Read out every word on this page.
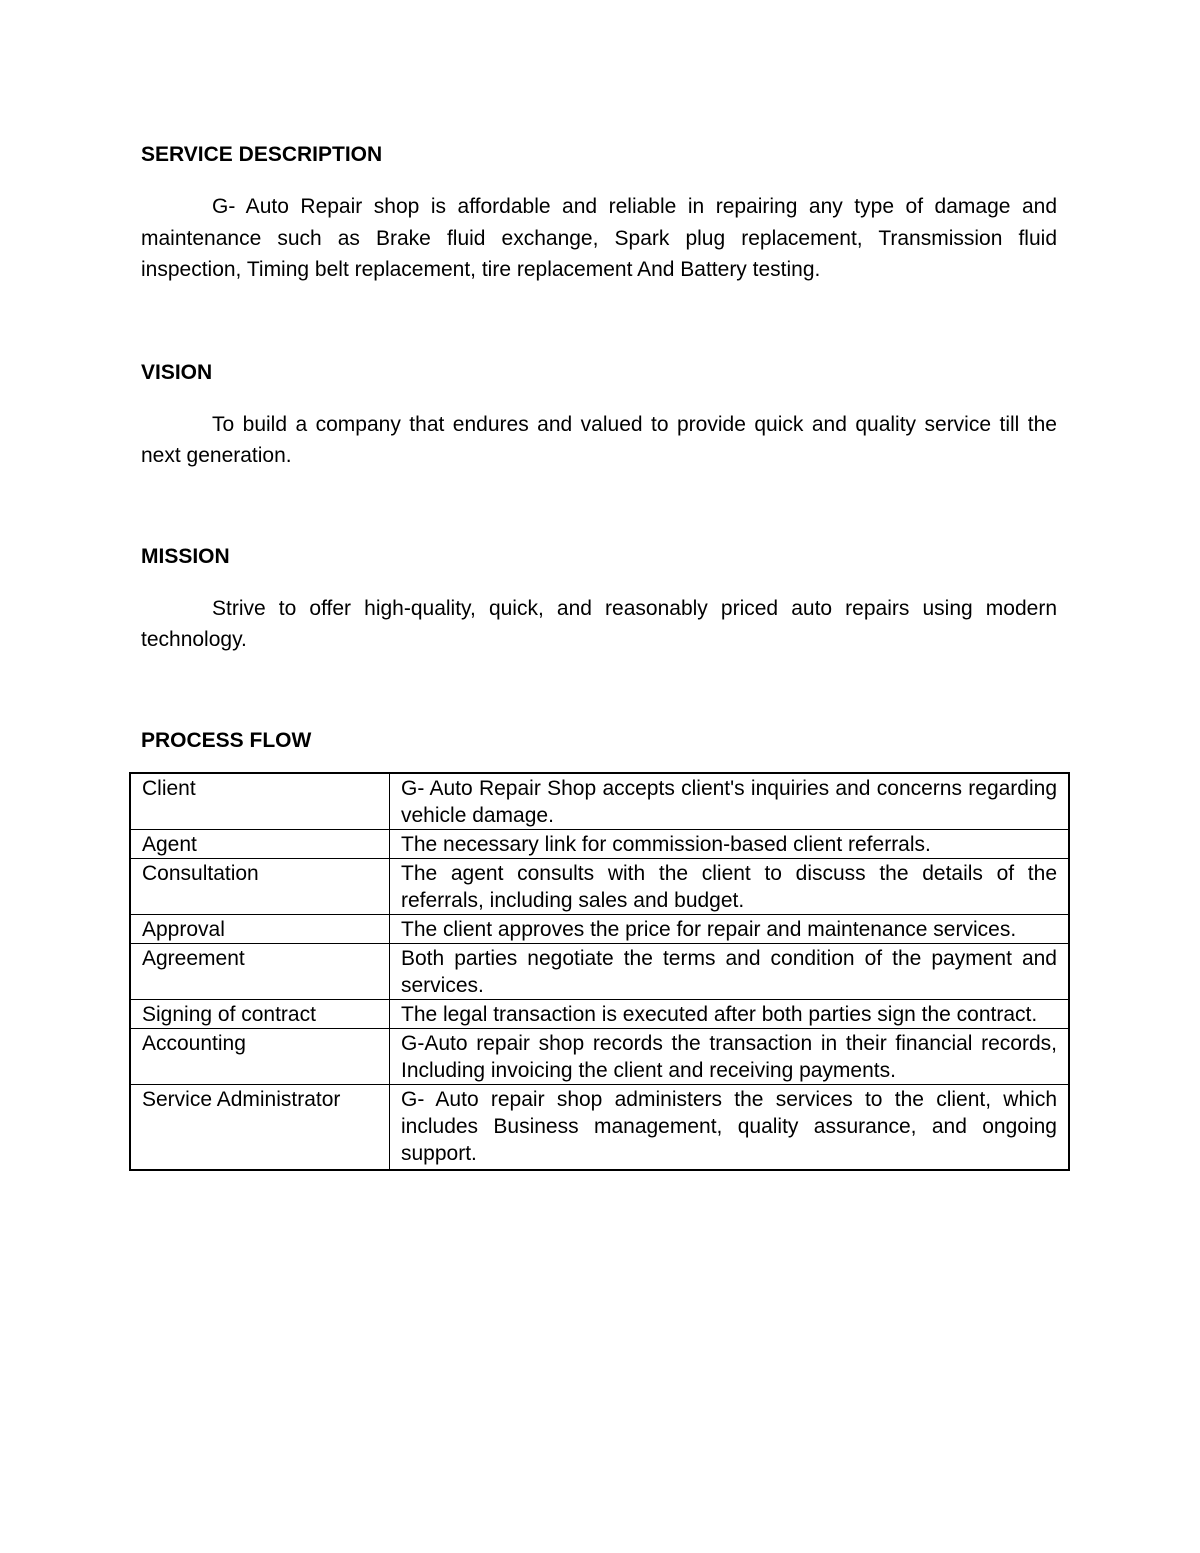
SERVICE DESCRIPTION

G- Auto Repair shop is affordable and reliable in repairing any type of damage and maintenance such as Brake fluid exchange, Spark plug replacement, Transmission fluid inspection, Timing belt replacement, tire replacement And Battery testing.

VISION

To build a company that endures and valued to provide quick and quality service till the next generation.

MISSION

Strive to offer high-quality, quick, and reasonably priced auto repairs using modern technology.

PROCESS FLOW
Client	G- Auto Repair Shop accepts client's inquiries and concerns regarding vehicle damage.
Agent	The necessary link for commission-based client referrals.
Consultation	The agent consults with the client to discuss the details of the referrals, including sales and budget.
Approval	The client approves the price for repair and maintenance services.
Agreement	Both parties negotiate the terms and condition of the payment and services.
Signing of contract	The legal transaction is executed after both parties sign the contract.
Accounting	G-Auto repair shop records the transaction in their financial records, Including invoicing the client and receiving payments.
Service Administrator	G- Auto repair shop administers the services to the client, which includes Business management, quality assurance, and ongoing support.
